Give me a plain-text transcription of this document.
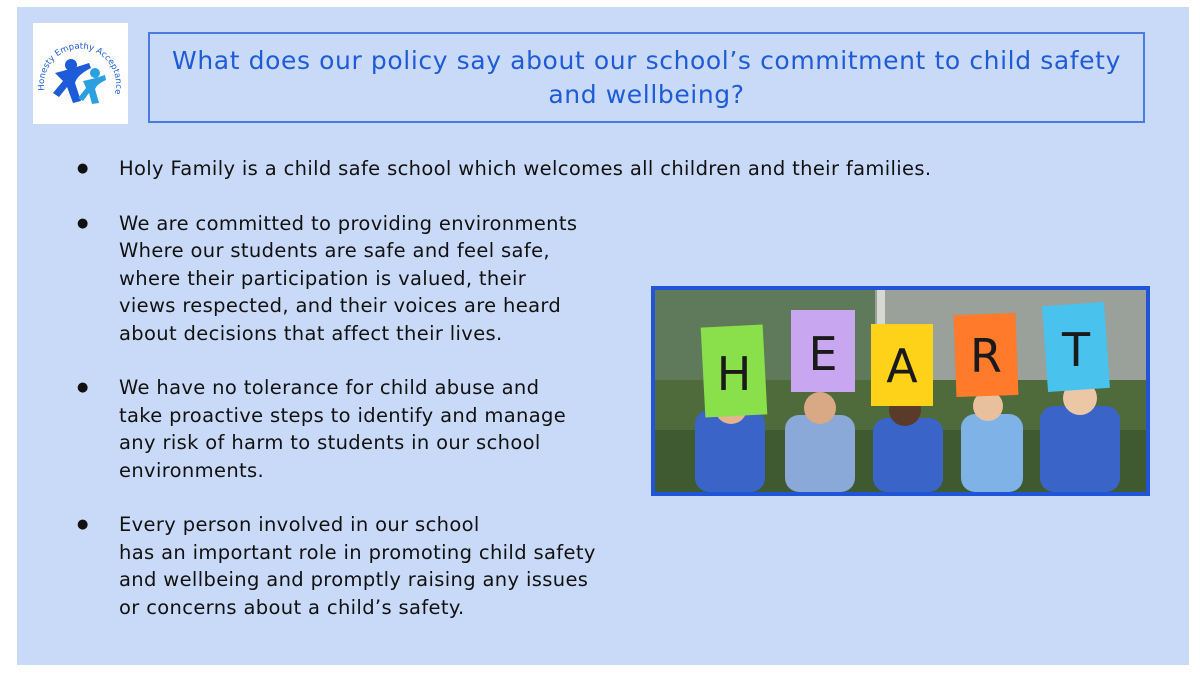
Honesty Empathy Acceptance
What does our policy say about our school’s commitment to child safety and wellbeing?
● Holy Family is a child safe school which welcomes all children and their families.
● We are committed to providing environments
Where our students are safe and feel safe,
where their participation is valued, their
views respected, and their voices are heard
about decisions that affect their lives.
● We have no tolerance for child abuse and
take proactive steps to identify and manage
any risk of harm to students in our school
environments.
● Every person involved in our school
has an important role in promoting child safety
and wellbeing and promptly raising any issues
or concerns about a child’s safety.
H E A R T
